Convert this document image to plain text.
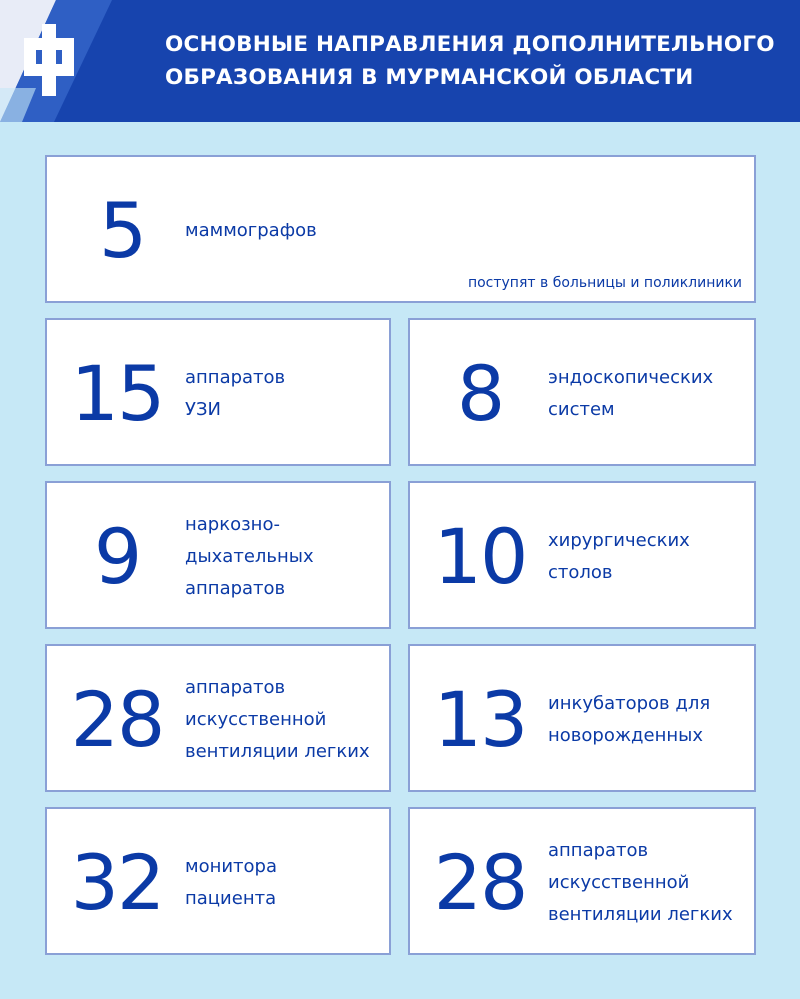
ОСНОВНЫЕ НАПРАВЛЕНИЯ ДОПОЛНИТЕЛЬНОГО
ОБРАЗОВАНИЯ В МУРМАНСКОЙ ОБЛАСТИ
5	маммографов
поступят в больницы и поликлиники
15	аппаратов
УЗИ	8	эндоскопических
систем
9	наркозно-
дыхательных
аппаратов	10	хирургических
столов
28	аппаратов
искусственной
вентиляции легких 13	инкубаторов для
новорожденных
32	монитора
пациента	28	аппаратов
искусственной
вентиляции легких
